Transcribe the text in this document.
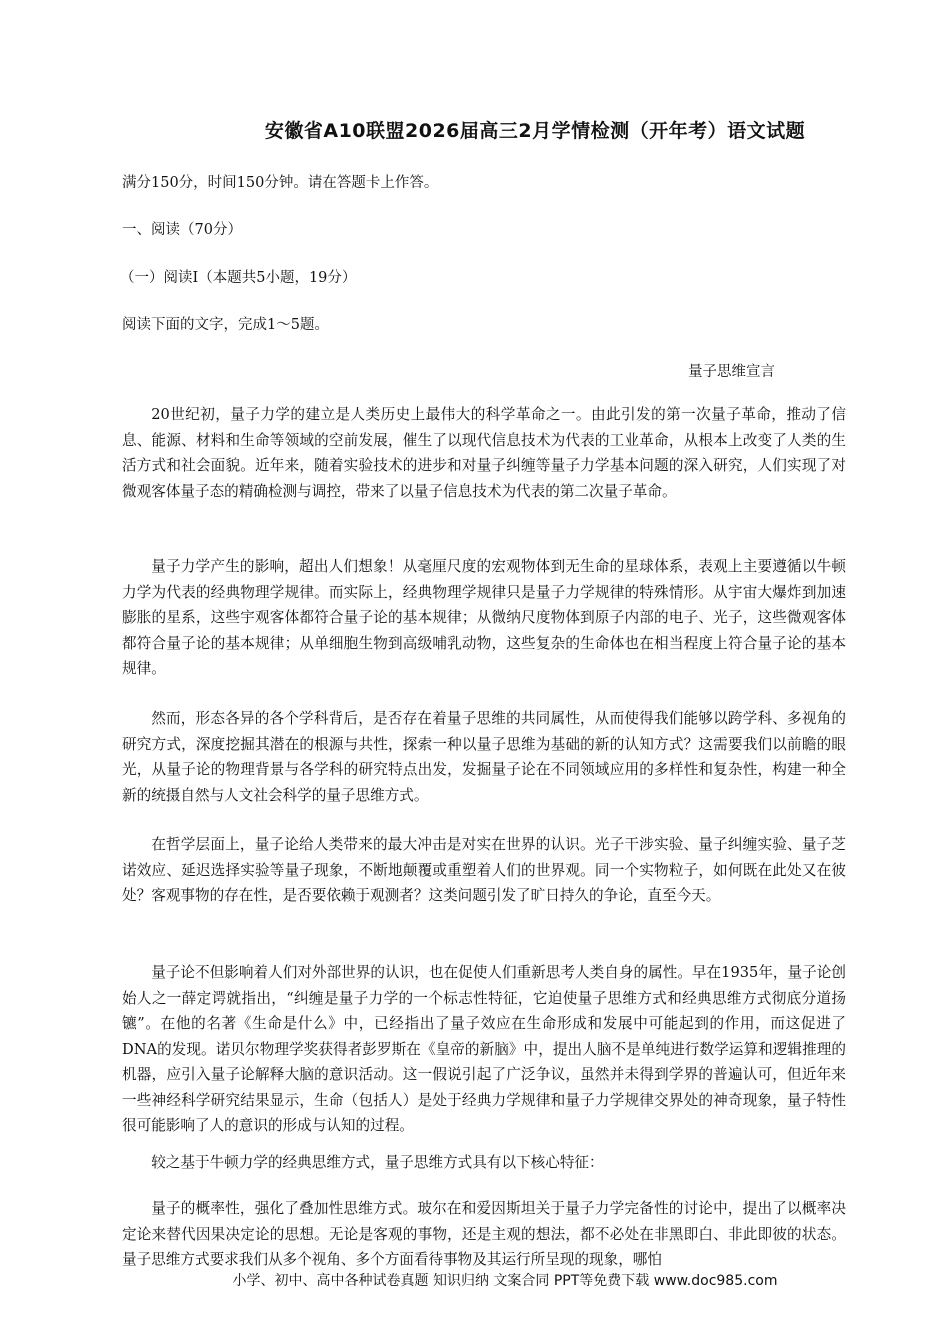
安徽省A10联盟2026届高三2月学情检测（开年考）语文试题
满分150分，时间150分钟。请在答题卡上作答。
一、阅读（70分）
（一）阅读Ⅰ（本题共5小题，19分）
阅读下面的文字，完成1～5题。
量子思维宣言

20世纪初，量子力学的建立是人类历史上最伟大的科学革命之一。由此引发的第一次量子革命，推动了信息、能源、材料和生命等领域的空前发展，催生了以现代信息技术为代表的工业革命，从根本上改变了人类的生活方式和社会面貌。近年来，随着实验技术的进步和对量子纠缠等量子力学基本问题的深入研究，人们实现了对微观客体量子态的精确检测与调控，带来了以量子信息技术为代表的第二次量子革命。

量子力学产生的影响，超出人们想象！从毫厘尺度的宏观物体到无生命的星球体系，表观上主要遵循以牛顿力学为代表的经典物理学规律。而实际上，经典物理学规律只是量子力学规律的特殊情形。从宇宙大爆炸到加速膨胀的星系，这些宇观客体都符合量子论的基本规律；从微纳尺度物体到原子内部的电子、光子，这些微观客体都符合量子论的基本规律；从单细胞生物到高级哺乳动物，这些复杂的生命体也在相当程度上符合量子论的基本规律。

然而，形态各异的各个学科背后，是否存在着量子思维的共同属性，从而使得我们能够以跨学科、多视角的研究方式，深度挖掘其潜在的根源与共性，探索一种以量子思维为基础的新的认知方式？这需要我们以前瞻的眼光，从量子论的物理背景与各学科的研究特点出发，发掘量子论在不同领域应用的多样性和复杂性，构建一种全新的统摄自然与人文社会科学的量子思维方式。

在哲学层面上，量子论给人类带来的最大冲击是对实在世界的认识。光子干涉实验、量子纠缠实验、量子芝诺效应、延迟选择实验等量子现象，不断地颠覆或重塑着人们的世界观。同一个实物粒子，如何既在此处又在彼处？客观事物的存在性，是否要依赖于观测者？这类问题引发了旷日持久的争论，直至今天。

量子论不但影响着人们对外部世界的认识，也在促使人们重新思考人类自身的属性。早在1935年，量子论创始人之一薛定谔就指出，“纠缠是量子力学的一个标志性特征，它迫使量子思维方式和经典思维方式彻底分道扬镳”。在他的名著《生命是什么》中，已经指出了量子效应在生命形成和发展中可能起到的作用，而这促进了DNA的发现。诺贝尔物理学奖获得者彭罗斯在《皇帝的新脑》中，提出人脑不是单纯进行数学运算和逻辑推理的机器，应引入量子论解释大脑的意识活动。这一假说引起了广泛争议，虽然并未得到学界的普遍认可，但近年来一些神经科学研究结果显示，生命（包括人）是处于经典力学规律和量子力学规律交界处的神奇现象，量子特性很可能影响了人的意识的形成与认知的过程。

较之基于牛顿力学的经典思维方式，量子思维方式具有以下核心特征：

量子的概率性，强化了叠加性思维方式。玻尔在和爱因斯坦关于量子力学完备性的讨论中，提出了以概率决定论来替代因果决定论的思想。无论是客观的事物，还是主观的想法，都不必处在非黑即白、非此即彼的状态。量子思维方式要求我们从多个视角、多个方面看待事物及其运行所呈现的现象，哪怕

小学、初中、高中各种试卷真题 知识归纳 文案合同 PPT等免费下载 www.doc985.com
